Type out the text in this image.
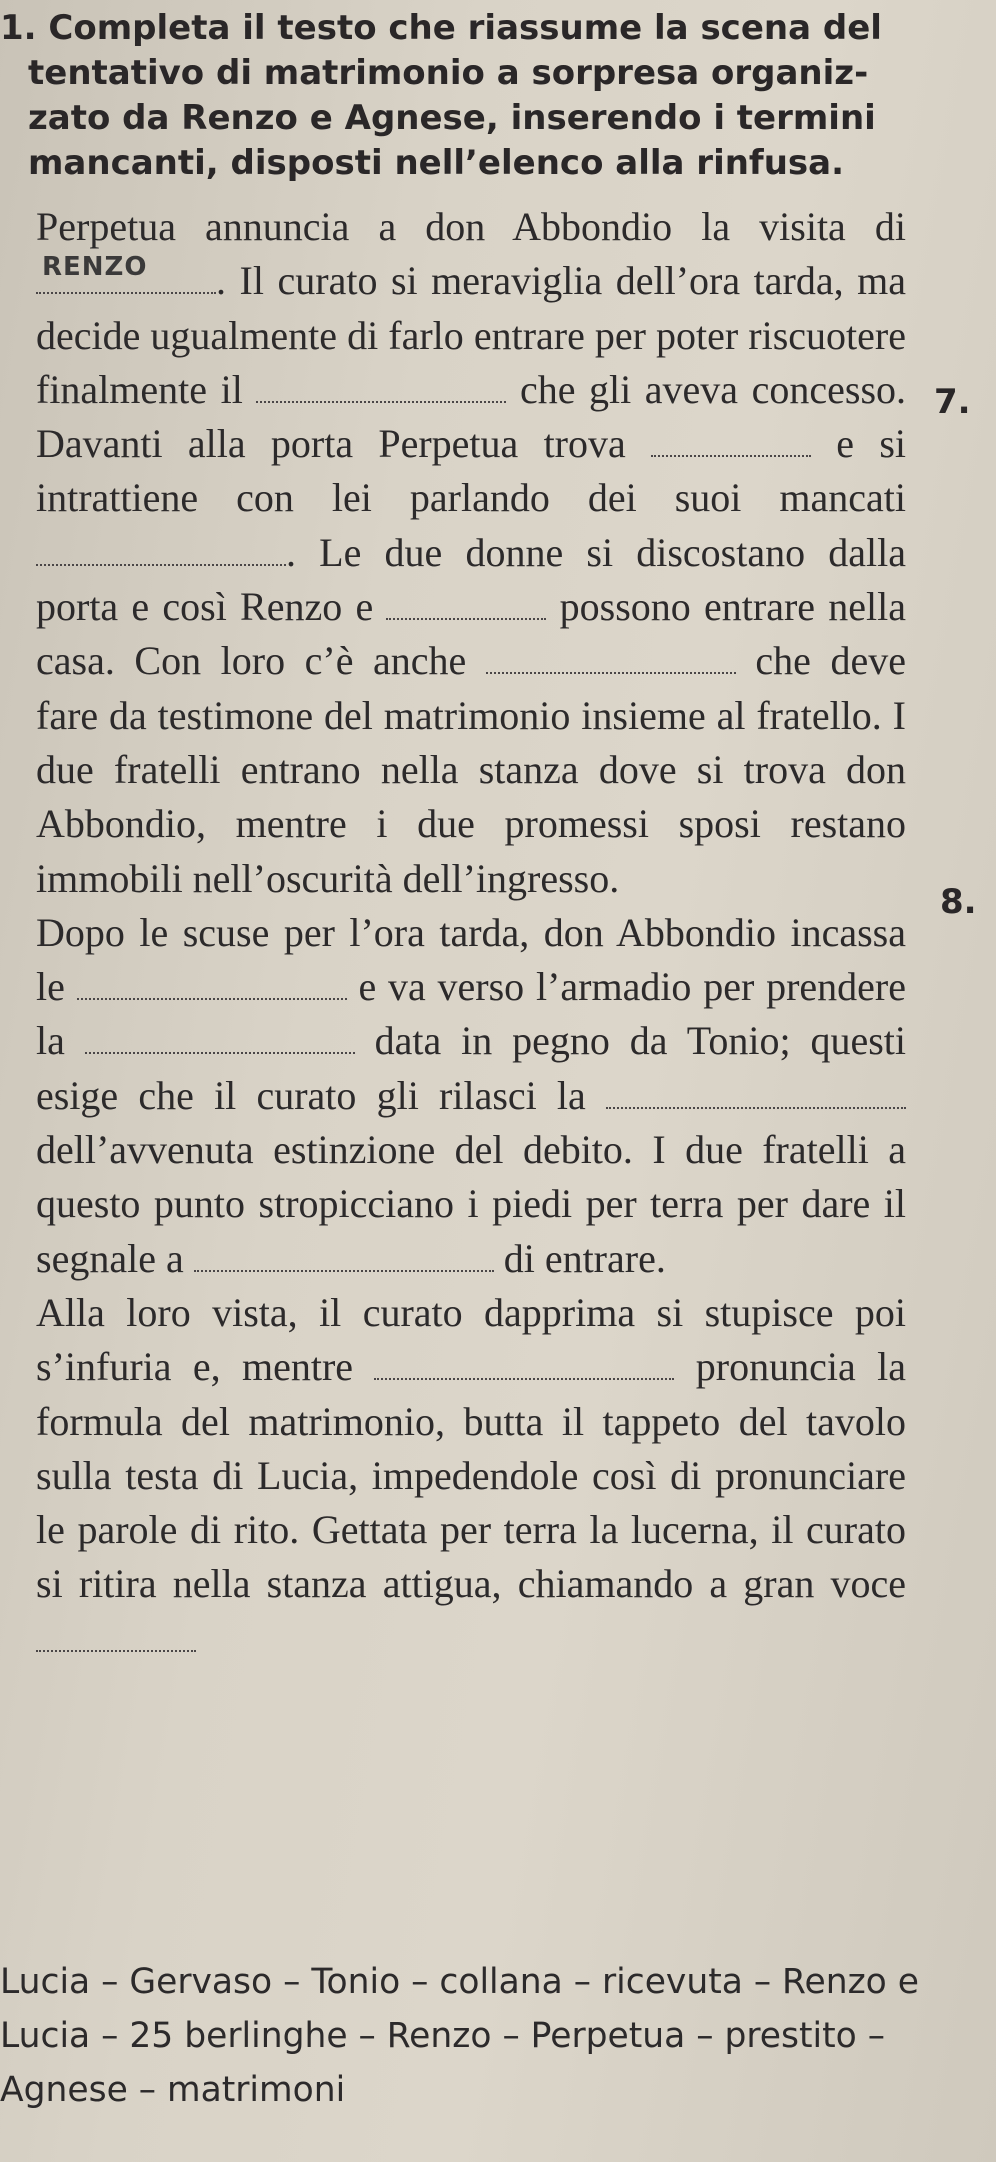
1. Completa il testo che riassume la scena del
tentativo di matrimonio a sorpresa organiz-
zato da Renzo e Agnese, inserendo i termini
mancanti, disposti nell’elenco alla rinfusa.
7.
8.

Perpetua annuncia a don Abbondio la visita di
RENZO . Il curato si meraviglia dell’ora tarda, ma decide ugualmente di farlo entrare per poter riscuotere finalmente il	che gli aveva concesso. Davanti alla porta Perpetua trova	e si intrattiene con lei parlando dei suoi mancati . Le due donne si discostano dalla porta e così Renzo e	possono entrare nella casa. Con loro c’è anche	che deve fare da testimone del matrimonio insieme al fratello. I due fratelli entrano nella stanza dove si trova don Abbondio, mentre i due promessi sposi restano immobili nell’oscurità dell’ingresso.

Dopo le scuse per l’ora tarda, don Abbondio incassa le	e va verso l’armadio per prendere la	data in pegno da Tonio; questi esige che il curato gli rilasci la  dell’avvenuta estinzione del debito. I due fratelli a questo punto stropicciano i piedi per terra per dare il segnale a	di entrare.

Alla loro vista, il curato dapprima si stupisce poi s’infuria e, mentre	pronuncia la formula del matrimonio, butta il tappeto del tavolo sulla testa di Lucia, impedendole così di pronunciare le parole di rito. Gettata per terra la lucerna, il curato si ritira nella stanza attigua, chiamando a gran voce

Lucia – Gervaso – Tonio – collana – ricevuta – Renzo e Lucia – 25 berlinghe – Renzo – Perpetua – prestito – Agnese – matrimoni
